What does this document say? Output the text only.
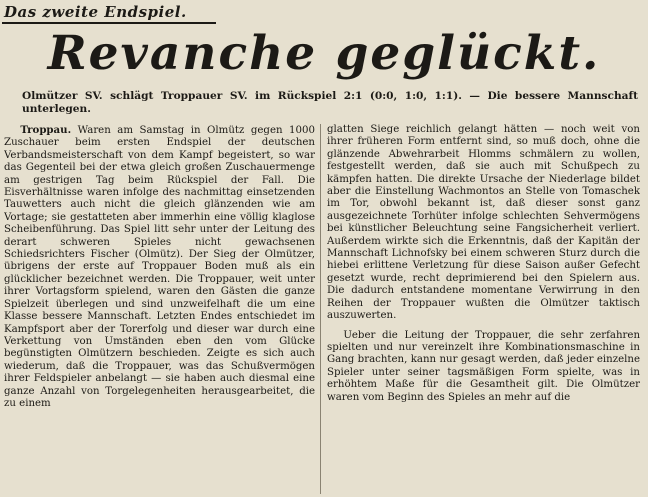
Das zweite Endspiel.
Revanche geglückt.
Olmützer SV. schlägt Troppauer SV. im Rückspiel 2:1 (0:0, 1:0, 1:1). — Die bessere Mannschaft unterlegen.

Troppau. Waren am Samstag in Olmütz gegen 1000 Zuschauer beim ersten Endspiel der deutschen Verbandsmeisterschaft von dem Kampf begeistert, so war das Gegenteil bei der etwa gleich großen Zuschauermenge am gestrigen Tag beim Rückspiel der Fall. Die Eisverhältnisse waren infolge des nachmittag einsetzenden Tauwetters auch nicht die gleich glänzenden wie am Vortage; sie gestatteten aber immerhin eine völlig klaglose Scheibenführung. Das Spiel litt sehr unter der Leitung des derart schweren Spieles nicht gewachsenen Schiedsrichters Fischer (Olmütz). Der Sieg der Olmützer, übrigens der erste auf Troppauer Boden muß als ein glücklicher bezeichnet werden. Die Troppauer, weit unter ihrer Vortagsform spielend, waren den Gästen die ganze Spielzeit überlegen und sind unzweifelhaft die um eine Klasse bessere Mannschaft. Letzten Endes entschiedet im Kampfsport aber der Torerfolg und dieser war durch eine Verkettung von Umständen eben den vom Glücke begünstigten Olmützern beschieden. Zeigte es sich auch wiederum, daß die Troppauer, was das Schußvermögen ihrer Feldspieler anbelangt — sie haben auch diesmal eine ganze Anzahl von Torgelegenheiten herausgearbeitet, die zu einem

glatten Siege reichlich gelangt hätten — noch weit von ihrer früheren Form entfernt sind, so muß doch, ohne die glänzende Abwehrarbeit Hlomms schmälern zu wollen, festgestellt werden, daß sie auch mit Schußpech zu kämpfen hatten. Die direkte Ursache der Niederlage bildet aber die Einstellung Wachmontos an Stelle von Tomaschek im Tor, obwohl bekannt ist, daß dieser sonst ganz ausgezeichnete Torhüter infolge schlechten Sehvermögens bei künstlicher Beleuchtung seine Fangsicherheit verliert. Außerdem wirkte sich die Erkenntnis, daß der Kapitän der Mannschaft Lichnofsky bei einem schweren Sturz durch die hiebei erlittene Verletzung für diese Saison außer Gefecht gesetzt wurde, recht deprimierend bei den Spielern aus. Die dadurch entstandene momentane Verwirrung in den Reihen der Troppauer wußten die Olmützer taktisch auszuwerten.

Ueber die Leitung der Troppauer, die sehr zerfahren spielten und nur vereinzelt ihre Kombinationsmaschine in Gang brachten, kann nur gesagt werden, daß jeder einzelne Spieler unter seiner tagsmäßigen Form spielte, was in erhöhtem Maße für die Gesamtheit gilt. Die Olmützer waren vom Beginn des Spieles an mehr auf die
